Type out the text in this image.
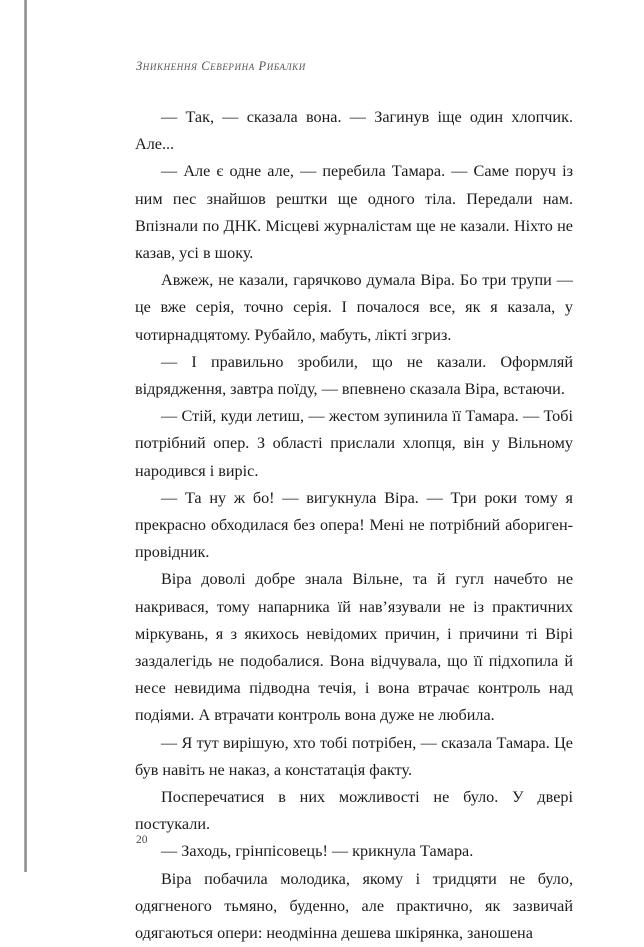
Зникнення Северина Рибалки

— Так, — сказала вона. — Загинув іще один хлопчик. Але...

— Але є одне але, — перебила Тамара. — Саме поруч із ним пес знайшов рештки ще одного тіла. Передали нам. Впізнали по ДНК. Місцеві журналістам ще не казали. Ніхто не казав, усі в шоку.

Авжеж, не казали, гарячково думала Віра. Бо три трупи — це вже серія, точно серія. І почалося все, як я казала, у чотирнадцятому. Рубайло, мабуть, лікті згриз.

— І правильно зробили, що не казали. Оформляй відрядження, завтра поїду, — впевнено сказала Віра, встаючи.

— Стій, куди летиш, — жестом зупинила її Тамара. — Тобі потрібний опер. З області прислали хлопця, він у Вільному народився і виріс.

— Та ну ж бо! — вигукнула Віра. — Три роки тому я прекрасно обходилася без опера! Мені не потрібний абориген-провідник.

Віра доволі добре знала Вільне, та й гугл начебто не накривася, тому напарника їй нав’язували не із практичних міркувань, я з якихось невідомих причин, і причини ті Вірі заздалегідь не подобалися. Вона відчувала, що її підхопила й несе невидима підводна течія, і вона втрачає контроль над подіями. А втрачати контроль вона дуже не любила.

— Я тут вирішую, хто тобі потрібен, — сказала Тамара. Це був навіть не наказ, а констатація факту.

Посперечатися в них можливості не було. У двері постукали.

— Заходь, грінпісовець! — крикнула Тамара.

Віра побачила молодика, якому і тридцяти не було, одягненого тьмяно, буденно, але практично, як зазвичай одягаються опери: неодмінна дешева шкірянка, заношена

20
